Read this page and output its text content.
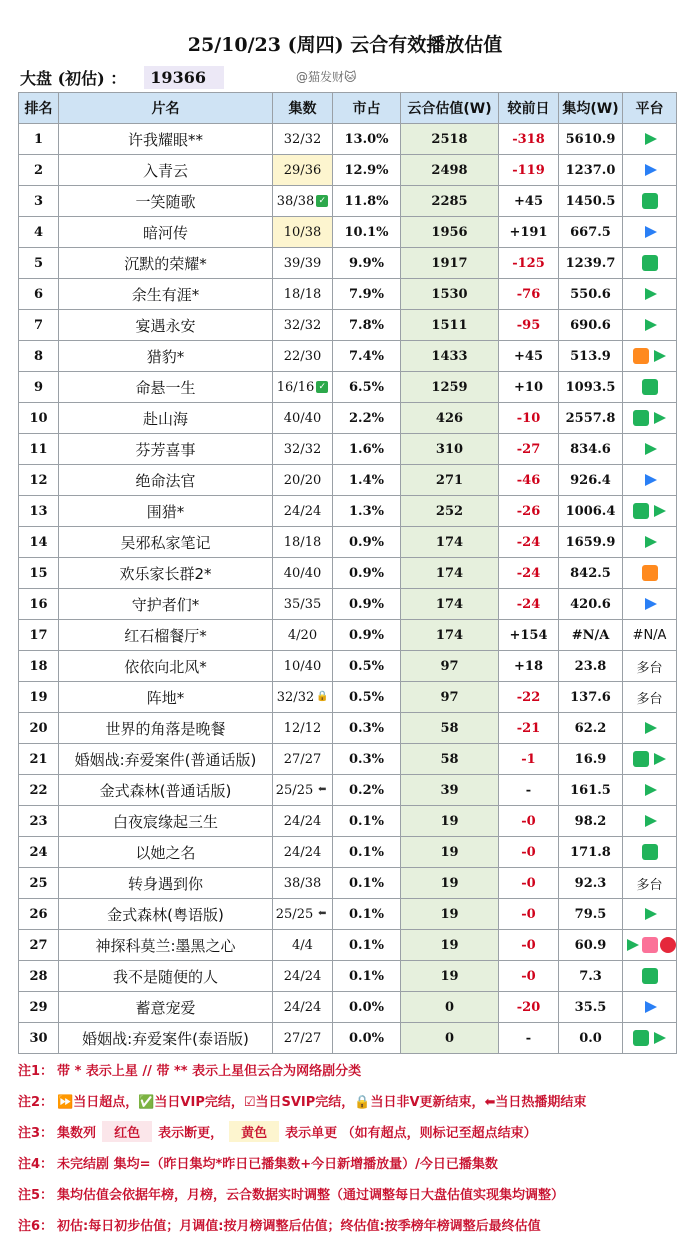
25/10/23 (周四) 云合有效播放估值
大盘 (初估) ：	19366	@猫发财🐱
排名	片名	集数	市占	云合估值(W)	较前日	集均(W)	平台
1	许我耀眼**	32/32	13.0%	2518	-318	5610.9	
2	入青云	29/36	12.9%	2498	-119	1237.0	
3	一笑随歌	38/38 ✓	11.8%	2285	+45	1450.5	
4	暗河传	10/38	10.1%	1956	+191	667.5	
5	沉默的荣耀*	39/39	9.9%	1917	-125	1239.7	
6	余生有涯*	18/18	7.9%	1530	-76	550.6	
7	宴遇永安	32/32	7.8%	1511	-95	690.6	
8	猎豹*	22/30	7.4%	1433	+45	513.9	
9	命悬一生	16/16 ✓	6.5%	1259	+10	1093.5	
10	赴山海	40/40	2.2%	426	-10	2557.8	
11	芬芳喜事	32/32	1.6%	310	-27	834.6	
12	绝命法官	20/20	1.4%	271	-46	926.4	
13	围猎*	24/24	1.3%	252	-26	1006.4	
14	吴邪私家笔记	18/18	0.9%	174	-24	1659.9	
15	欢乐家长群2*	40/40	0.9%	174	-24	842.5	
16	守护者们*	35/35	0.9%	174	-24	420.6	
17	红石榴餐厅*	4/20	0.9%	174	+154	#N/A	#N/A
18	依依向北风*	10/40	0.5%	97	+18	23.8	多台
19	阵地*	32/32 🔒	0.5%	97	-22	137.6	多台
20	世界的角落是晚餐	12/12	0.3%	58	-21	62.2	
21	婚姻战:弃爱案件(普通话版)	27/27	0.3%	58	-1	16.9	
22	金式森林(普通话版)	25/25 ⬅	0.2%	39	-	161.5	
23	白夜宸缘起三生	24/24	0.1%	19	-0	98.2	
24	以她之名	24/24	0.1%	19	-0	171.8	
25	转身遇到你	38/38	0.1%	19	-0	92.3	多台
26	金式森林(粤语版)	25/25 ⬅	0.1%	19	-0	79.5	
27	神探科莫兰:墨黑之心	4/4	0.1%	19	-0	60.9	
28	我不是随便的人	24/24	0.1%	19	-0	7.3	
29	蓄意宠爱	24/24	0.0%	0	-20	35.5	
30	婚姻战:弃爱案件(泰语版)	27/27	0.0%	0	-	0.0	
注1： 带 * 表示上星 // 带 ** 表示上星但云合为网络剧分类
注2： ⏩当日超点，✅当日VIP完结，☑当日SVIP完结，🔒当日非V更新结束，⬅当日热播期结束
注3： 集数列	红色	表示断更，	黄色	表示单更 （如有超点，则标记至超点结束）
注4： 未完结剧 集均=（昨日集均*昨日已播集数+今日新增播放量）/今日已播集数
注5： 集均估值会依据年榜，月榜，云合数据实时调整（通过调整每日大盘估值实现集均调整）
注6： 初估:每日初步估值；月调值:按月榜调整后估值；终估值:按季榜年榜调整后最终估值
